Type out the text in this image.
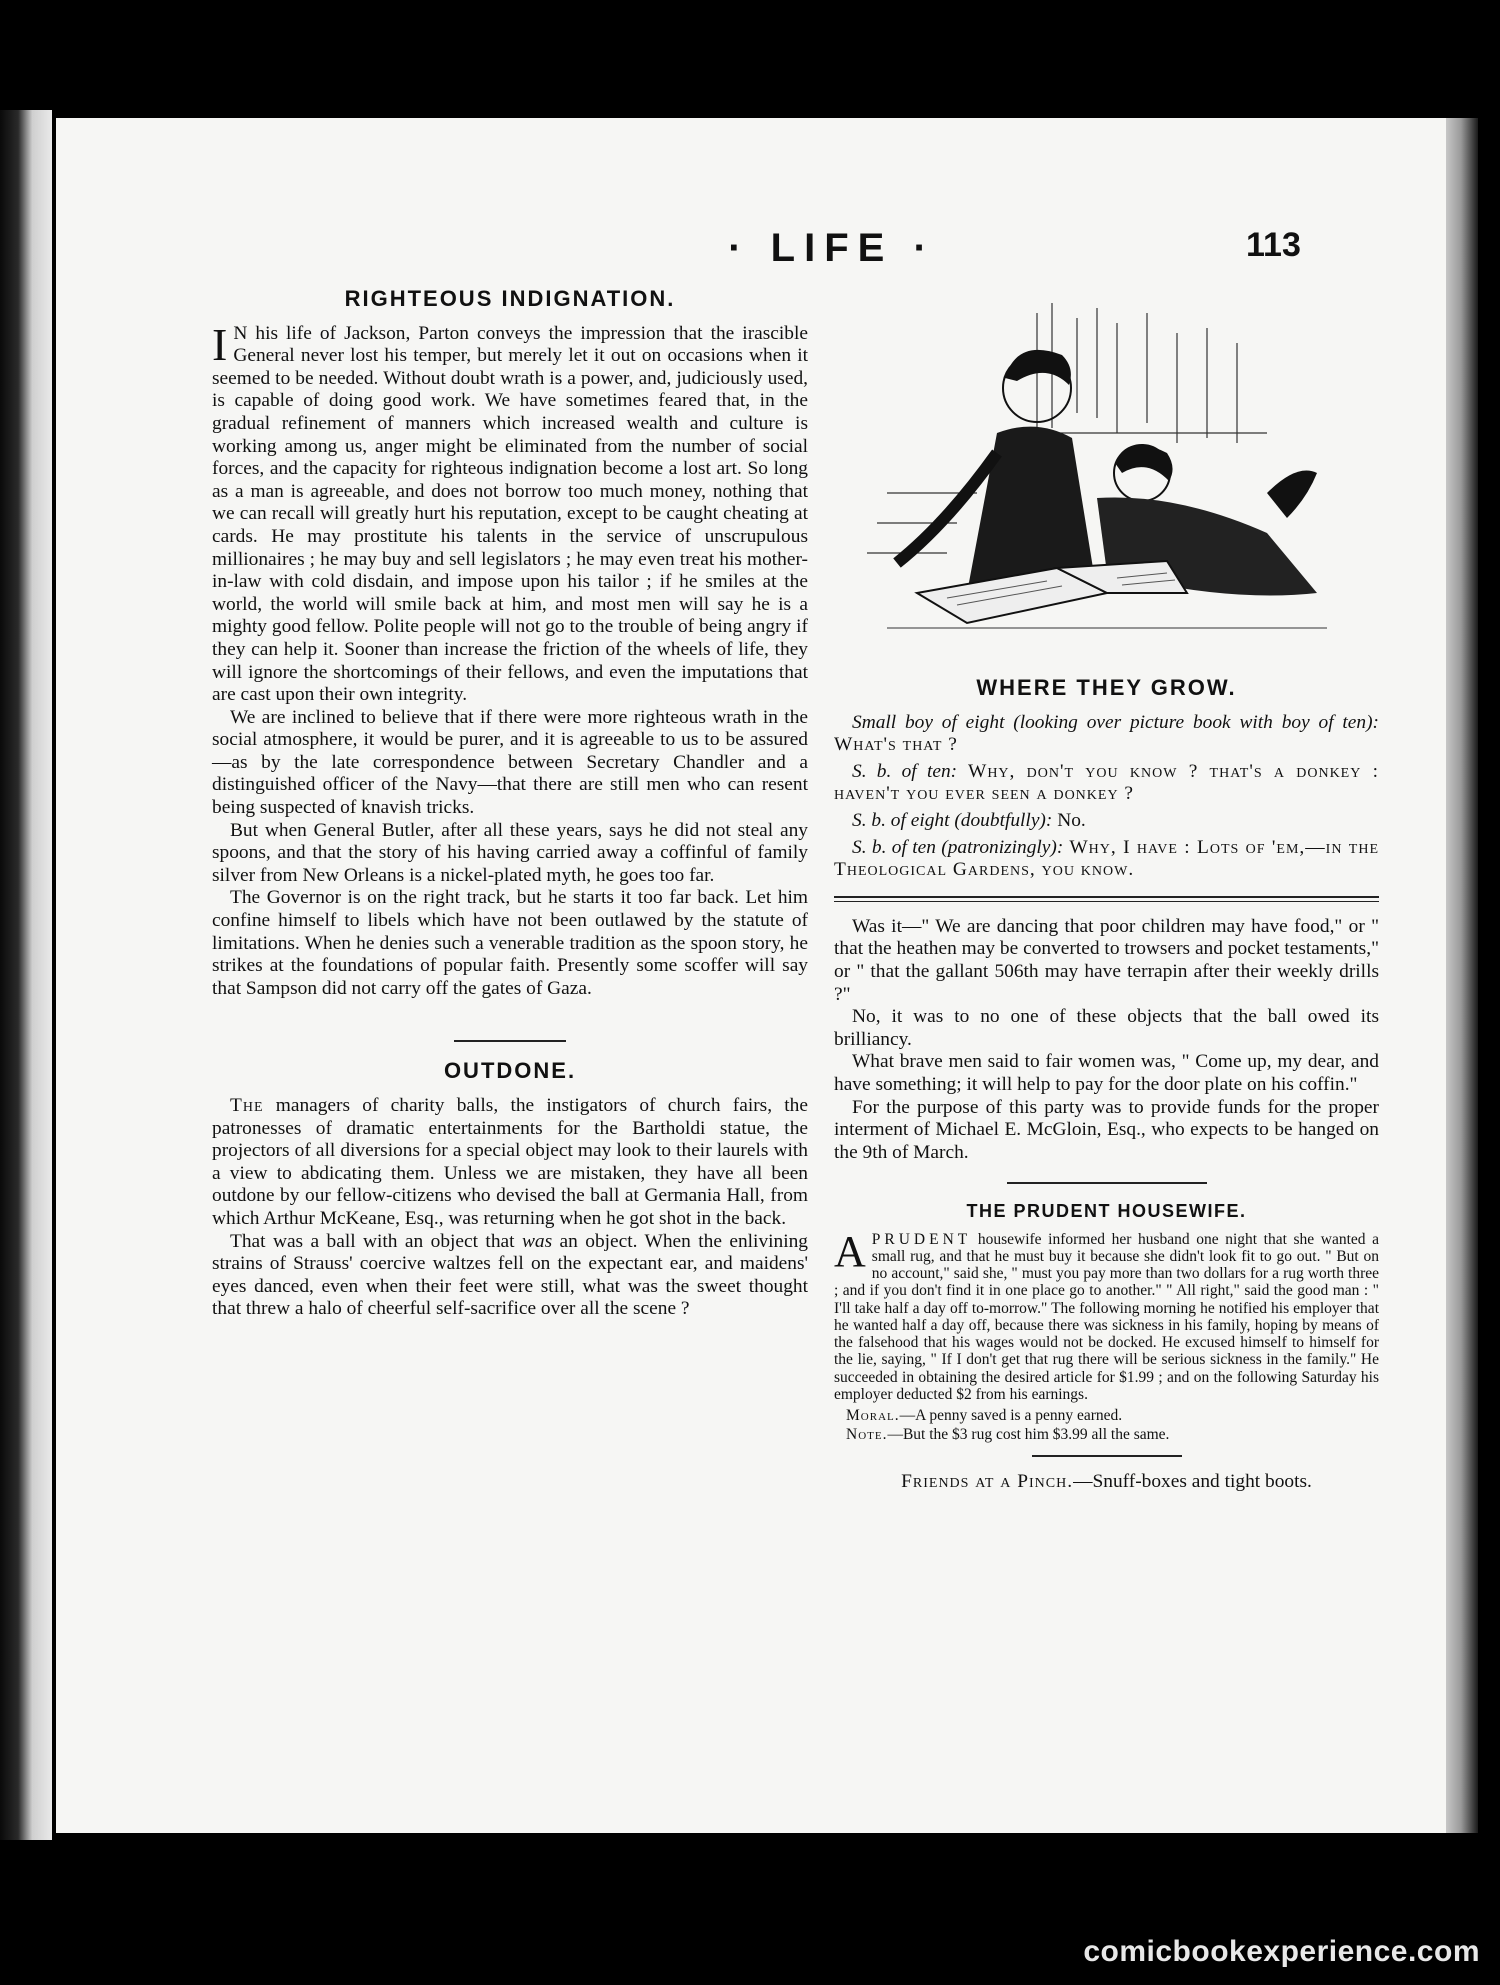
· LIFE ·	113
RIGHTEOUS INDIGNATION.

I N his life of Jackson, Parton conveys the impression that the irascible General never lost his temper, but merely let it out on occasions when it seemed to be needed. Without doubt wrath is a power, and, judiciously used, is capable of doing good work. We have sometimes feared that, in the gradual refinement of manners which increased wealth and culture is working among us, anger might be eliminated from the number of social forces, and the capacity for righteous indignation become a lost art. So long as a man is agreeable, and does not borrow too much money, nothing that we can recall will greatly hurt his reputation, except to be caught cheating at cards. He may prostitute his talents in the service of unscrupulous millionaires ; he may buy and sell legislators ; he may even treat his mother-in-law with cold disdain, and impose upon his tailor ; if he smiles at the world, the world will smile back at him, and most men will say he is a mighty good fellow. Polite people will not go to the trouble of being angry if they can help it. Sooner than increase the friction of the wheels of life, they will ignore the shortcomings of their fellows, and even the imputations that are cast upon their own integrity.

We are inclined to believe that if there were more righteous wrath in the social atmosphere, it would be purer, and it is agreeable to us to be assured—as by the late correspondence between Secretary Chandler and a distinguished officer of the Navy—that there are still men who can resent being suspected of knavish tricks.

But when General Butler, after all these years, says he did not steal any spoons, and that the story of his having carried away a coffinful of family silver from New Orleans is a nickel-plated myth, he goes too far.

The Governor is on the right track, but he starts it too far back. Let him confine himself to libels which have not been outlawed by the statute of limitations. When he denies such a venerable tradition as the spoon story, he strikes at the foundations of popular faith. Presently some scoffer will say that Sampson did not carry off the gates of Gaza.

OUTDONE.

The managers of charity balls, the instigators of church fairs, the patronesses of dramatic entertainments for the Bartholdi statue, the projectors of all diversions for a special object may look to their laurels with a view to abdicating them. Unless we are mistaken, they have all been outdone by our fellow-citizens who devised the ball at Germania Hall, from which Arthur McKeane, Esq., was returning when he got shot in the back.

That was a ball with an object that was an object. When the enlivining strains of Strauss' coercive waltzes fell on the expectant ear, and maidens' eyes danced, even when their feet were still, what was the sweet thought that threw a halo of cheerful self-sacrifice over all the scene ?

WHERE THEY GROW.

Small boy of eight (looking over picture book with boy of ten): What's that ?

S. b. of ten: Why, don't you know ? that's a donkey : haven't you ever seen a donkey ?

S. b. of eight (doubtfully): No.

S. b. of ten (patronizingly): Why, I have : Lots of 'em,—in the Theological Gardens, you know.

Was it—" We are dancing that poor children may have food," or " that the heathen may be converted to trowsers and pocket testaments," or " that the gallant 506th may have terrapin after their weekly drills ?"

No, it was to no one of these objects that the ball owed its brilliancy.

What brave men said to fair women was, " Come up, my dear, and have something; it will help to pay for the door plate on his coffin."

For the purpose of this party was to provide funds for the proper interment of Michael E. McGloin, Esq., who expects to be hanged on the 9th of March.

THE PRUDENT HOUSEWIFE.

APRUDENT housewife informed her husband one night that she wanted a small rug, and that he must buy it because she didn't look fit to go out. " But on no account," said she, " must you pay more than two dollars for a rug worth three ; and if you don't find it in one place go to another." " All right," said the good man : " I'll take half a day off to-morrow." The following morning he notified his employer that he wanted half a day off, because there was sickness in his family, hoping by means of the falsehood that his wages would not be docked. He excused himself to himself for the lie, saying, " If I don't get that rug there will be serious sickness in the family." He succeeded in obtaining the desired article for $1.99 ; and on the following Saturday his employer deducted $2 from his earnings.

Moral.—A penny saved is a penny earned.

Note.—But the $3 rug cost him $3.99 all the same.

Friends at a Pinch.—Snuff-boxes and tight boots.

comicbookexperience.com
